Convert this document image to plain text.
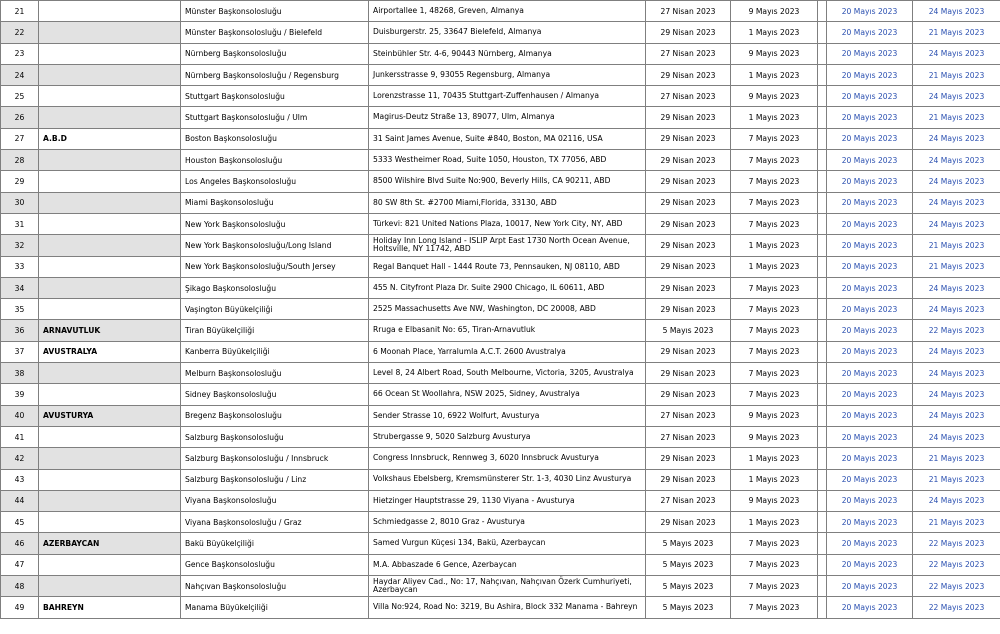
21		Münster Başkonsolosluğu	Airportallee 1, 48268, Greven, Almanya	27 Nisan 2023	9 Mayıs 2023		20 Mayıs 2023	24 Mayıs 2023
22		Münster Başkonsolosluğu / Bielefeld	Duisburgerstr. 25, 33647 Bielefeld, Almanya	29 Nisan 2023	1 Mayıs 2023		20 Mayıs 2023	21 Mayıs 2023
23		Nürnberg Başkonsolosluğu	Steinbühler Str. 4-6, 90443 Nürnberg, Almanya	27 Nisan 2023	9 Mayıs 2023		20 Mayıs 2023	24 Mayıs 2023
24		Nürnberg Başkonsolosluğu / Regensburg	Junkersstrasse 9, 93055 Regensburg, Almanya	29 Nisan 2023	1 Mayıs 2023		20 Mayıs 2023	21 Mayıs 2023
25		Stuttgart Başkonsolosluğu	Lorenzstrasse 11, 70435 Stuttgart-Zuffenhausen / Almanya	27 Nisan 2023	9 Mayıs 2023		20 Mayıs 2023	24 Mayıs 2023
26		Stuttgart Başkonsolosluğu / Ulm	Magirus-Deutz Straße 13, 89077, Ulm, Almanya	29 Nisan 2023	1 Mayıs 2023		20 Mayıs 2023	21 Mayıs 2023
27	A.B.D	Boston Başkonsolosluğu	31 Saint James Avenue, Suite #840, Boston, MA 02116, USA	29 Nisan 2023	7 Mayıs 2023		20 Mayıs 2023	24 Mayıs 2023
28		Houston Başkonsolosluğu	5333 Westheimer Road, Suite 1050, Houston, TX 77056, ABD	29 Nisan 2023	7 Mayıs 2023		20 Mayıs 2023	24 Mayıs 2023
29		Los Angeles Başkonsolosluğu	8500 Wilshire Blvd Suite No:900, Beverly Hills, CA 90211, ABD	29 Nisan 2023	7 Mayıs 2023		20 Mayıs 2023	24 Mayıs 2023
30		Miami Başkonsolosluğu	80 SW 8th St. #2700 Miami,Florida, 33130, ABD	29 Nisan 2023	7 Mayıs 2023		20 Mayıs 2023	24 Mayıs 2023
31		New York Başkonsolosluğu	Türkevi: 821 United Nations Plaza, 10017, New York City, NY, ABD	29 Nisan 2023	7 Mayıs 2023		20 Mayıs 2023	24 Mayıs 2023
32		New York Başkonsolosluğu/Long Island	Holiday Inn Long Island - ISLIP Arpt East 1730 North Ocean Avenue, Holtsville, NY 11742, ABD	29 Nisan 2023	1 Mayıs 2023		20 Mayıs 2023	21 Mayıs 2023
33		New York Başkonsolosluğu/South Jersey	Regal Banquet Hall - 1444 Route 73, Pennsauken, NJ 08110, ABD	29 Nisan 2023	1 Mayıs 2023		20 Mayıs 2023	21 Mayıs 2023
34		Şikago Başkonsolosluğu	455 N. Cityfront Plaza Dr. Suite 2900 Chicago, IL 60611, ABD	29 Nisan 2023	7 Mayıs 2023		20 Mayıs 2023	24 Mayıs 2023
35		Vaşington Büyükelçiliği	2525 Massachusetts Ave NW, Washington, DC 20008, ABD	29 Nisan 2023	7 Mayıs 2023		20 Mayıs 2023	24 Mayıs 2023
36	ARNAVUTLUK	Tiran Büyükelçiliği	Rruga e Elbasanit No: 65, Tiran-Arnavutluk	5 Mayıs 2023	7 Mayıs 2023		20 Mayıs 2023	22 Mayıs 2023
37	AVUSTRALYA	Kanberra Büyükelçiliği	6 Moonah Place, Yarralumla A.C.T. 2600 Avustralya	29 Nisan 2023	7 Mayıs 2023		20 Mayıs 2023	24 Mayıs 2023
38		Melburn Başkonsolosluğu	Level 8, 24 Albert Road, South Melbourne, Victoria, 3205, Avustralya	29 Nisan 2023	7 Mayıs 2023		20 Mayıs 2023	24 Mayıs 2023
39		Sidney Başkonsolosluğu	66 Ocean St Woollahra, NSW 2025, Sidney, Avustralya	29 Nisan 2023	7 Mayıs 2023		20 Mayıs 2023	24 Mayıs 2023
40	AVUSTURYA	Bregenz Başkonsolosluğu	Sender Strasse 10, 6922 Wolfurt, Avusturya	27 Nisan 2023	9 Mayıs 2023		20 Mayıs 2023	24 Mayıs 2023
41		Salzburg Başkonsolosluğu	Strubergasse 9, 5020 Salzburg Avusturya	27 Nisan 2023	9 Mayıs 2023		20 Mayıs 2023	24 Mayıs 2023
42		Salzburg Başkonsolosluğu / Innsbruck	Congress Innsbruck, Rennweg 3, 6020 Innsbruck Avusturya	29 Nisan 2023	1 Mayıs 2023		20 Mayıs 2023	21 Mayıs 2023
43		Salzburg Başkonsolosluğu / Linz	Volkshaus Ebelsberg, Kremsmünsterer Str. 1-3, 4030 Linz Avusturya	29 Nisan 2023	1 Mayıs 2023		20 Mayıs 2023	21 Mayıs 2023
44		Viyana Başkonsolosluğu	Hietzinger Hauptstrasse 29, 1130 Viyana - Avusturya	27 Nisan 2023	9 Mayıs 2023		20 Mayıs 2023	24 Mayıs 2023
45		Viyana Başkonsolosluğu / Graz	Schmiedgasse 2, 8010 Graz - Avusturya	29 Nisan 2023	1 Mayıs 2023		20 Mayıs 2023	21 Mayıs 2023
46	AZERBAYCAN	Bakü Büyükelçiliği	Samed Vurgun Küçesi 134, Bakü, Azerbaycan	5 Mayıs 2023	7 Mayıs 2023		20 Mayıs 2023	22 Mayıs 2023
47		Gence Başkonsolosluğu	M.A. Abbaszade 6 Gence, Azerbaycan	5 Mayıs 2023	7 Mayıs 2023		20 Mayıs 2023	22 Mayıs 2023
48		Nahçıvan Başkonsolosluğu	Haydar Aliyev Cad., No: 17, Nahçıvan, Nahçıvan Özerk Cumhuriyeti, Azerbaycan	5 Mayıs 2023	7 Mayıs 2023		20 Mayıs 2023	22 Mayıs 2023
49	BAHREYN	Manama Büyükelçiliği	Villa No:924, Road No: 3219, Bu Ashira, Block 332 Manama - Bahreyn	5 Mayıs 2023	7 Mayıs 2023		20 Mayıs 2023	22 Mayıs 2023
